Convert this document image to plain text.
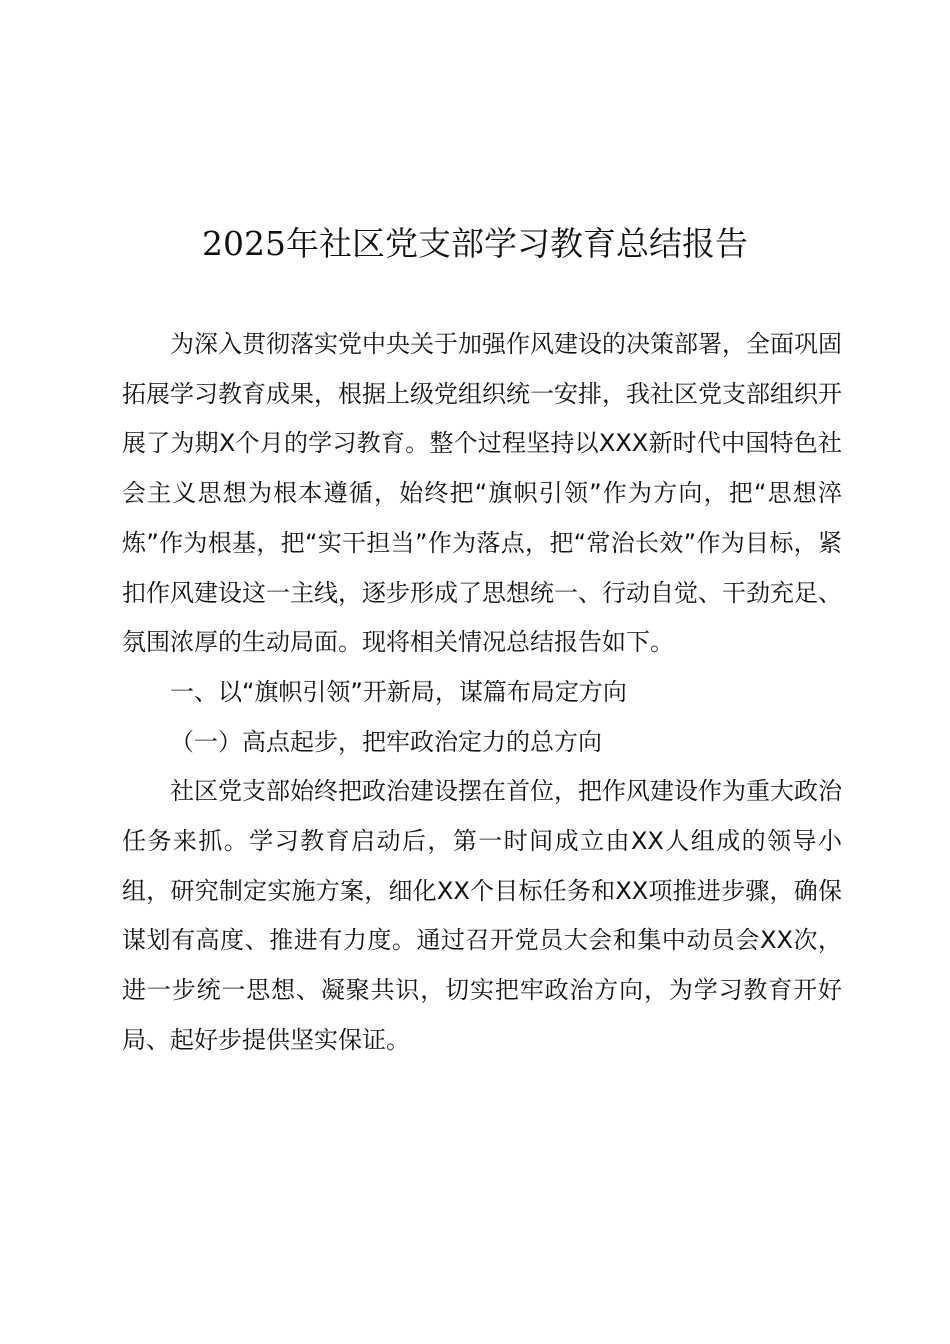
2025年社区党支部学习教育总结报告

为深入贯彻落实党中央关于加强作风建设的决策部署，全面巩固拓展学习教育成果，根据上级党组织统一安排，我社区党支部组织开展了为期X个月的学习教育。整个过程坚持以XXX新时代中国特色社会主义思想为根本遵循，始终把“旗帜引领”作为方向，把“思想淬炼”作为根基，把“实干担当”作为落点，把“常治长效”作为目标，紧扣作风建设这一主线，逐步形成了思想统一、行动自觉、干劲充足、氛围浓厚的生动局面。现将相关情况总结报告如下。

一、以“旗帜引领”开新局，谋篇布局定方向

（一）高点起步，把牢政治定力的总方向

社区党支部始终把政治建设摆在首位，把作风建设作为重大政治任务来抓。学习教育启动后，第一时间成立由XX人组成的领导小组，研究制定实施方案，细化XX个目标任务和XX项推进步骤，确保谋划有高度、推进有力度。通过召开党员大会和集中动员会XX次，进一步统一思想、凝聚共识，切实把牢政治方向，为学习教育开好局、起好步提供坚实保证。
